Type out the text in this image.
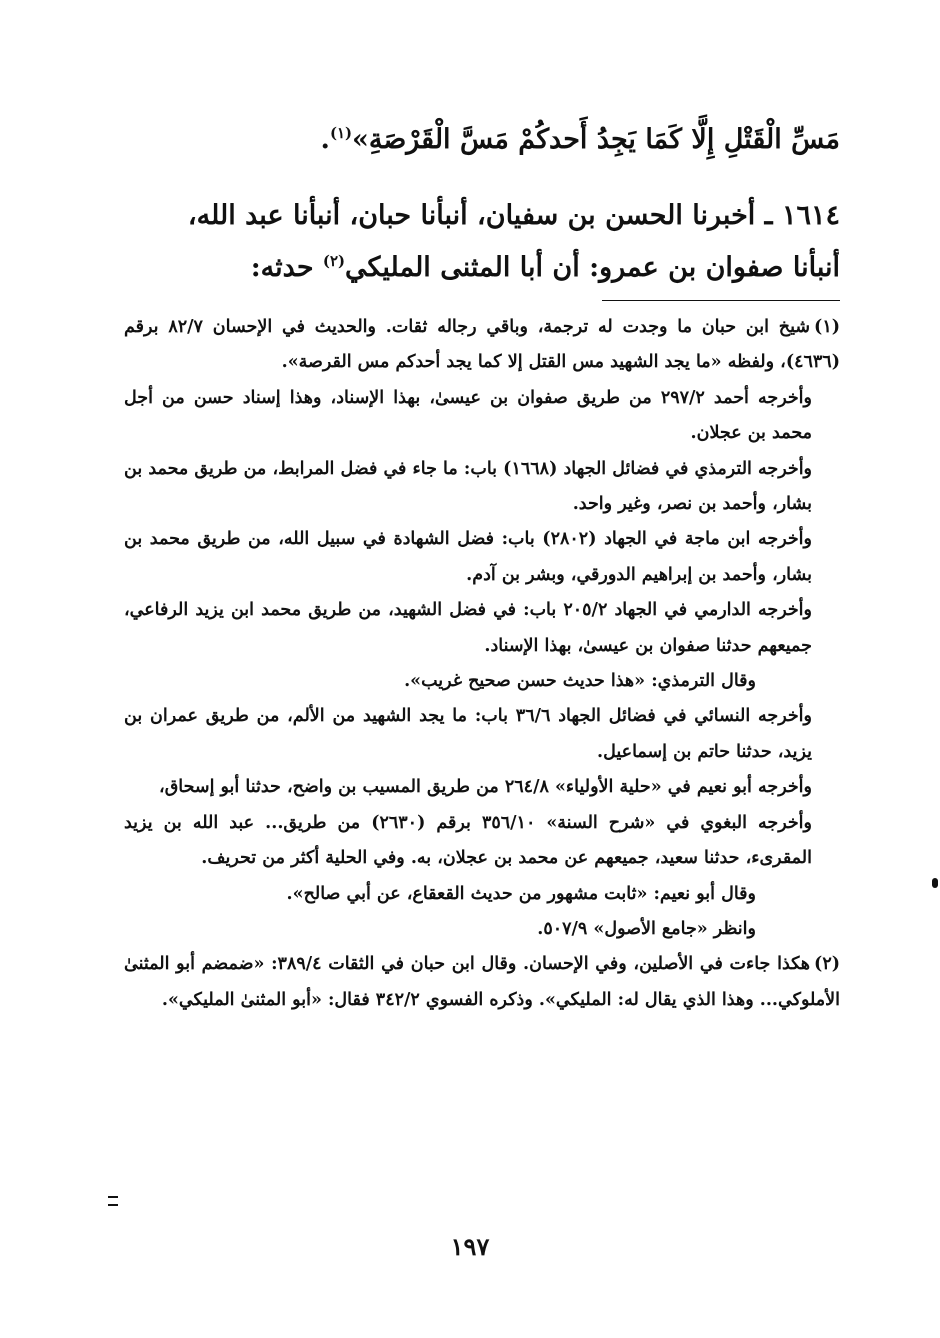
مَسِّ الْقَتْلِ إِلَّا كَمَا يَجِدُ أَحدكُمْ مَسَّ الْقَرْصَةِ»$^{(١)}$.
١٦١٤ ـ أخبرنا الحسن بن سفيان، أنبأنا حبان، أنبأنا عبد الله،
أنبأنا صفوان بن عمرو: أن أبا المثنى المليكي$^{(٢)}$ حدثه:

(١)شيخ ابن حبان ما وجدت له ترجمة، وباقي رجاله ثقات. والحديث في الإحسان ٨٢/٧ برقم (٤٦٣٦)، ولفظه «ما يجد الشهيد مس القتل إلا كما يجد أحدكم مس القرصة».

وأخرجه أحمد ٢٩٧/٢ من طريق صفوان بن عيسىٰ، بهذا الإسناد، وهذا إسناد حسن من أجل محمد بن عجلان.

وأخرجه الترمذي في فضائل الجهاد (١٦٦٨) باب: ما جاء في فضل المرابط، من طريق محمد بن بشار، وأحمد بن نصر، وغير واحد.

وأخرجه ابن ماجة في الجهاد (٢٨٠٢) باب: فضل الشهادة في سبيل الله، من طريق محمد بن بشار، وأحمد بن إبراهيم الدورقي، وبشر بن آدم.

وأخرجه الدارمي في الجهاد ٢٠٥/٢ باب: في فضل الشهيد، من طريق محمد ابن يزيد الرفاعي، جميعهم حدثنا صفوان بن عيسىٰ، بهذا الإسناد.

وقال الترمذي: «هذا حديث حسن صحيح غريب».

وأخرجه النسائي في فضائل الجهاد ٣٦/٦ باب: ما يجد الشهيد من الألم، من طريق عمران بن يزيد، حدثنا حاتم بن إسماعيل.

وأخرجه أبو نعيم في «حلية الأولياء» ٢٦٤/٨ من طريق المسيب بن واضح، حدثنا أبو إسحاق،

وأخرجه البغوي في «شرح السنة» ٣٥٦/١٠ برقم (٢٦٣٠) من طريق... عبد الله بن يزيد المقرىء، حدثنا سعيد، جميعهم عن محمد بن عجلان، به. وفي الحلية أكثر من تحريف.

وقال أبو نعيم: «ثابت مشهور من حديث القعقاع، عن أبي صالح».

وانظر «جامع الأصول» ٥٠٧/٩.

(٢)هكذا جاءت في الأصلين، وفي الإحسان. وقال ابن حبان في الثقات ٣٨٩/٤: «ضمضم أبو المثنىٰ الأملوكي... وهذا الذي يقال له: المليكي». وذكره الفسوي ٣٤٢/٢ فقال: «أبو المثنىٰ المليكي».

١٩٧
